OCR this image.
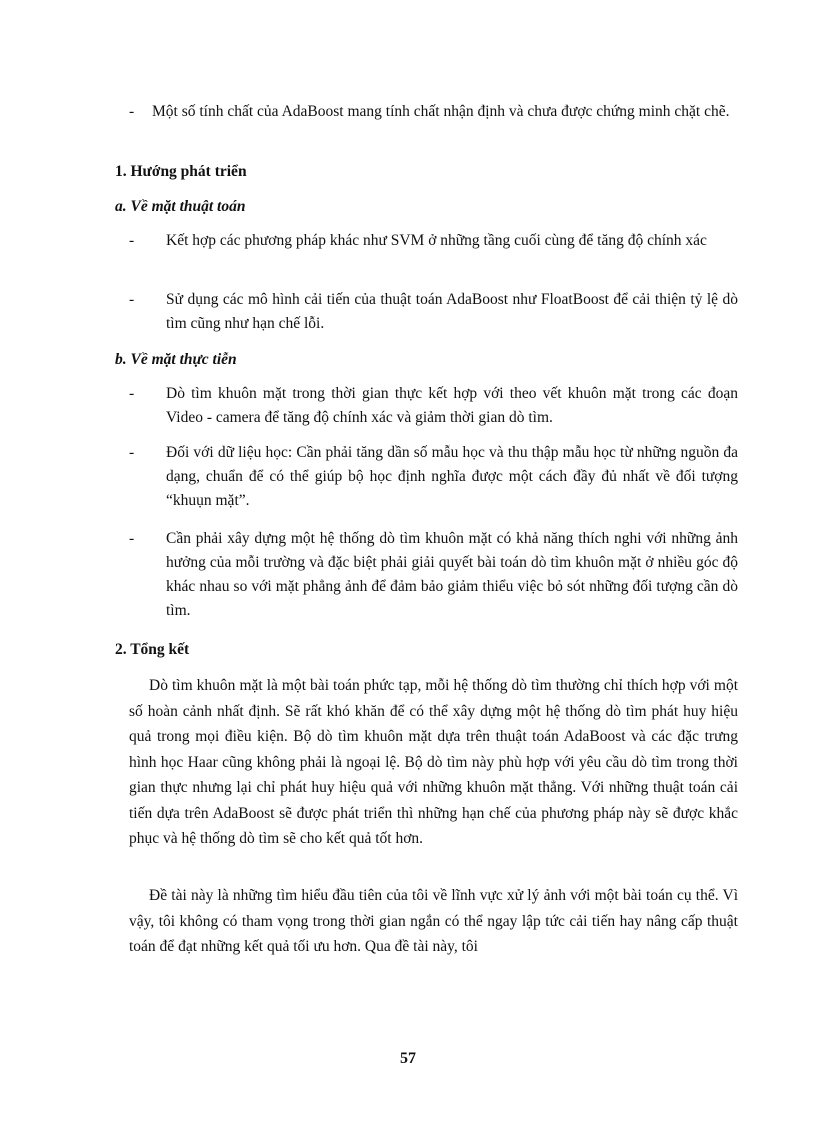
- Một số tính chất của AdaBoost mang tính chất nhận định và chưa được chứng minh chặt chẽ.
1. Hướng phát triển
a. Về mặt thuật toán
- Kết hợp các phương pháp khác như SVM ở những tầng cuối cùng để tăng độ chính xác
- Sử dụng các mô hình cải tiến của thuật toán AdaBoost như FloatBoost để cải thiện tỷ lệ dò tìm cũng như hạn chế lỗi.
b. Về mặt thực tiễn
- Dò tìm khuôn mặt trong thời gian thực kết hợp với theo vết khuôn mặt trong các đoạn Video - camera để tăng độ chính xác và giảm thời gian dò tìm.
- Đối với dữ liệu học: Cần phải tăng dần số mẫu học và thu thập mẫu học từ những nguồn đa dạng, chuẩn để có thể giúp bộ học định nghĩa được một cách đầy đủ nhất về đối tượng “khuụn mặt”.
- Cần phải xây dựng một hệ thống dò tìm khuôn mặt có khả năng thích nghi với những ảnh hưởng của mỗi trường và đặc biệt phải giải quyết bài toán dò tìm khuôn mặt ở nhiều góc độ khác nhau so với mặt phẳng ảnh để đảm bảo giảm thiểu việc bỏ sót những đối tượng cần dò tìm.
2. Tổng kết
Dò tìm khuôn mặt là một bài toán phức tạp, mỗi hệ thống dò tìm thường chỉ thích hợp với một số hoàn cảnh nhất định. Sẽ rất khó khăn để có thể xây dựng một hệ thống dò tìm phát huy hiệu quả trong mọi điều kiện. Bộ dò tìm khuôn mặt dựa trên thuật toán AdaBoost và các đặc trưng hình học Haar cũng không phải là ngoại lệ. Bộ dò tìm này phù hợp với yêu cầu dò tìm trong thời gian thực nhưng lại chỉ phát huy hiệu quả với những khuôn mặt thẳng. Với những thuật toán cải tiến dựa trên AdaBoost sẽ được phát triển thì những hạn chế của phương pháp này sẽ được khắc phục và hệ thống dò tìm sẽ cho kết quả tốt hơn.
Đề tài này là những tìm hiểu đầu tiên của tôi về lĩnh vực xử lý ảnh với một bài toán cụ thể. Vì vậy, tôi không có tham vọng trong thời gian ngắn có thể ngay lập tức cải tiến hay nâng cấp thuật toán để đạt những kết quả tối ưu hơn. Qua đề tài này, tôi
57
